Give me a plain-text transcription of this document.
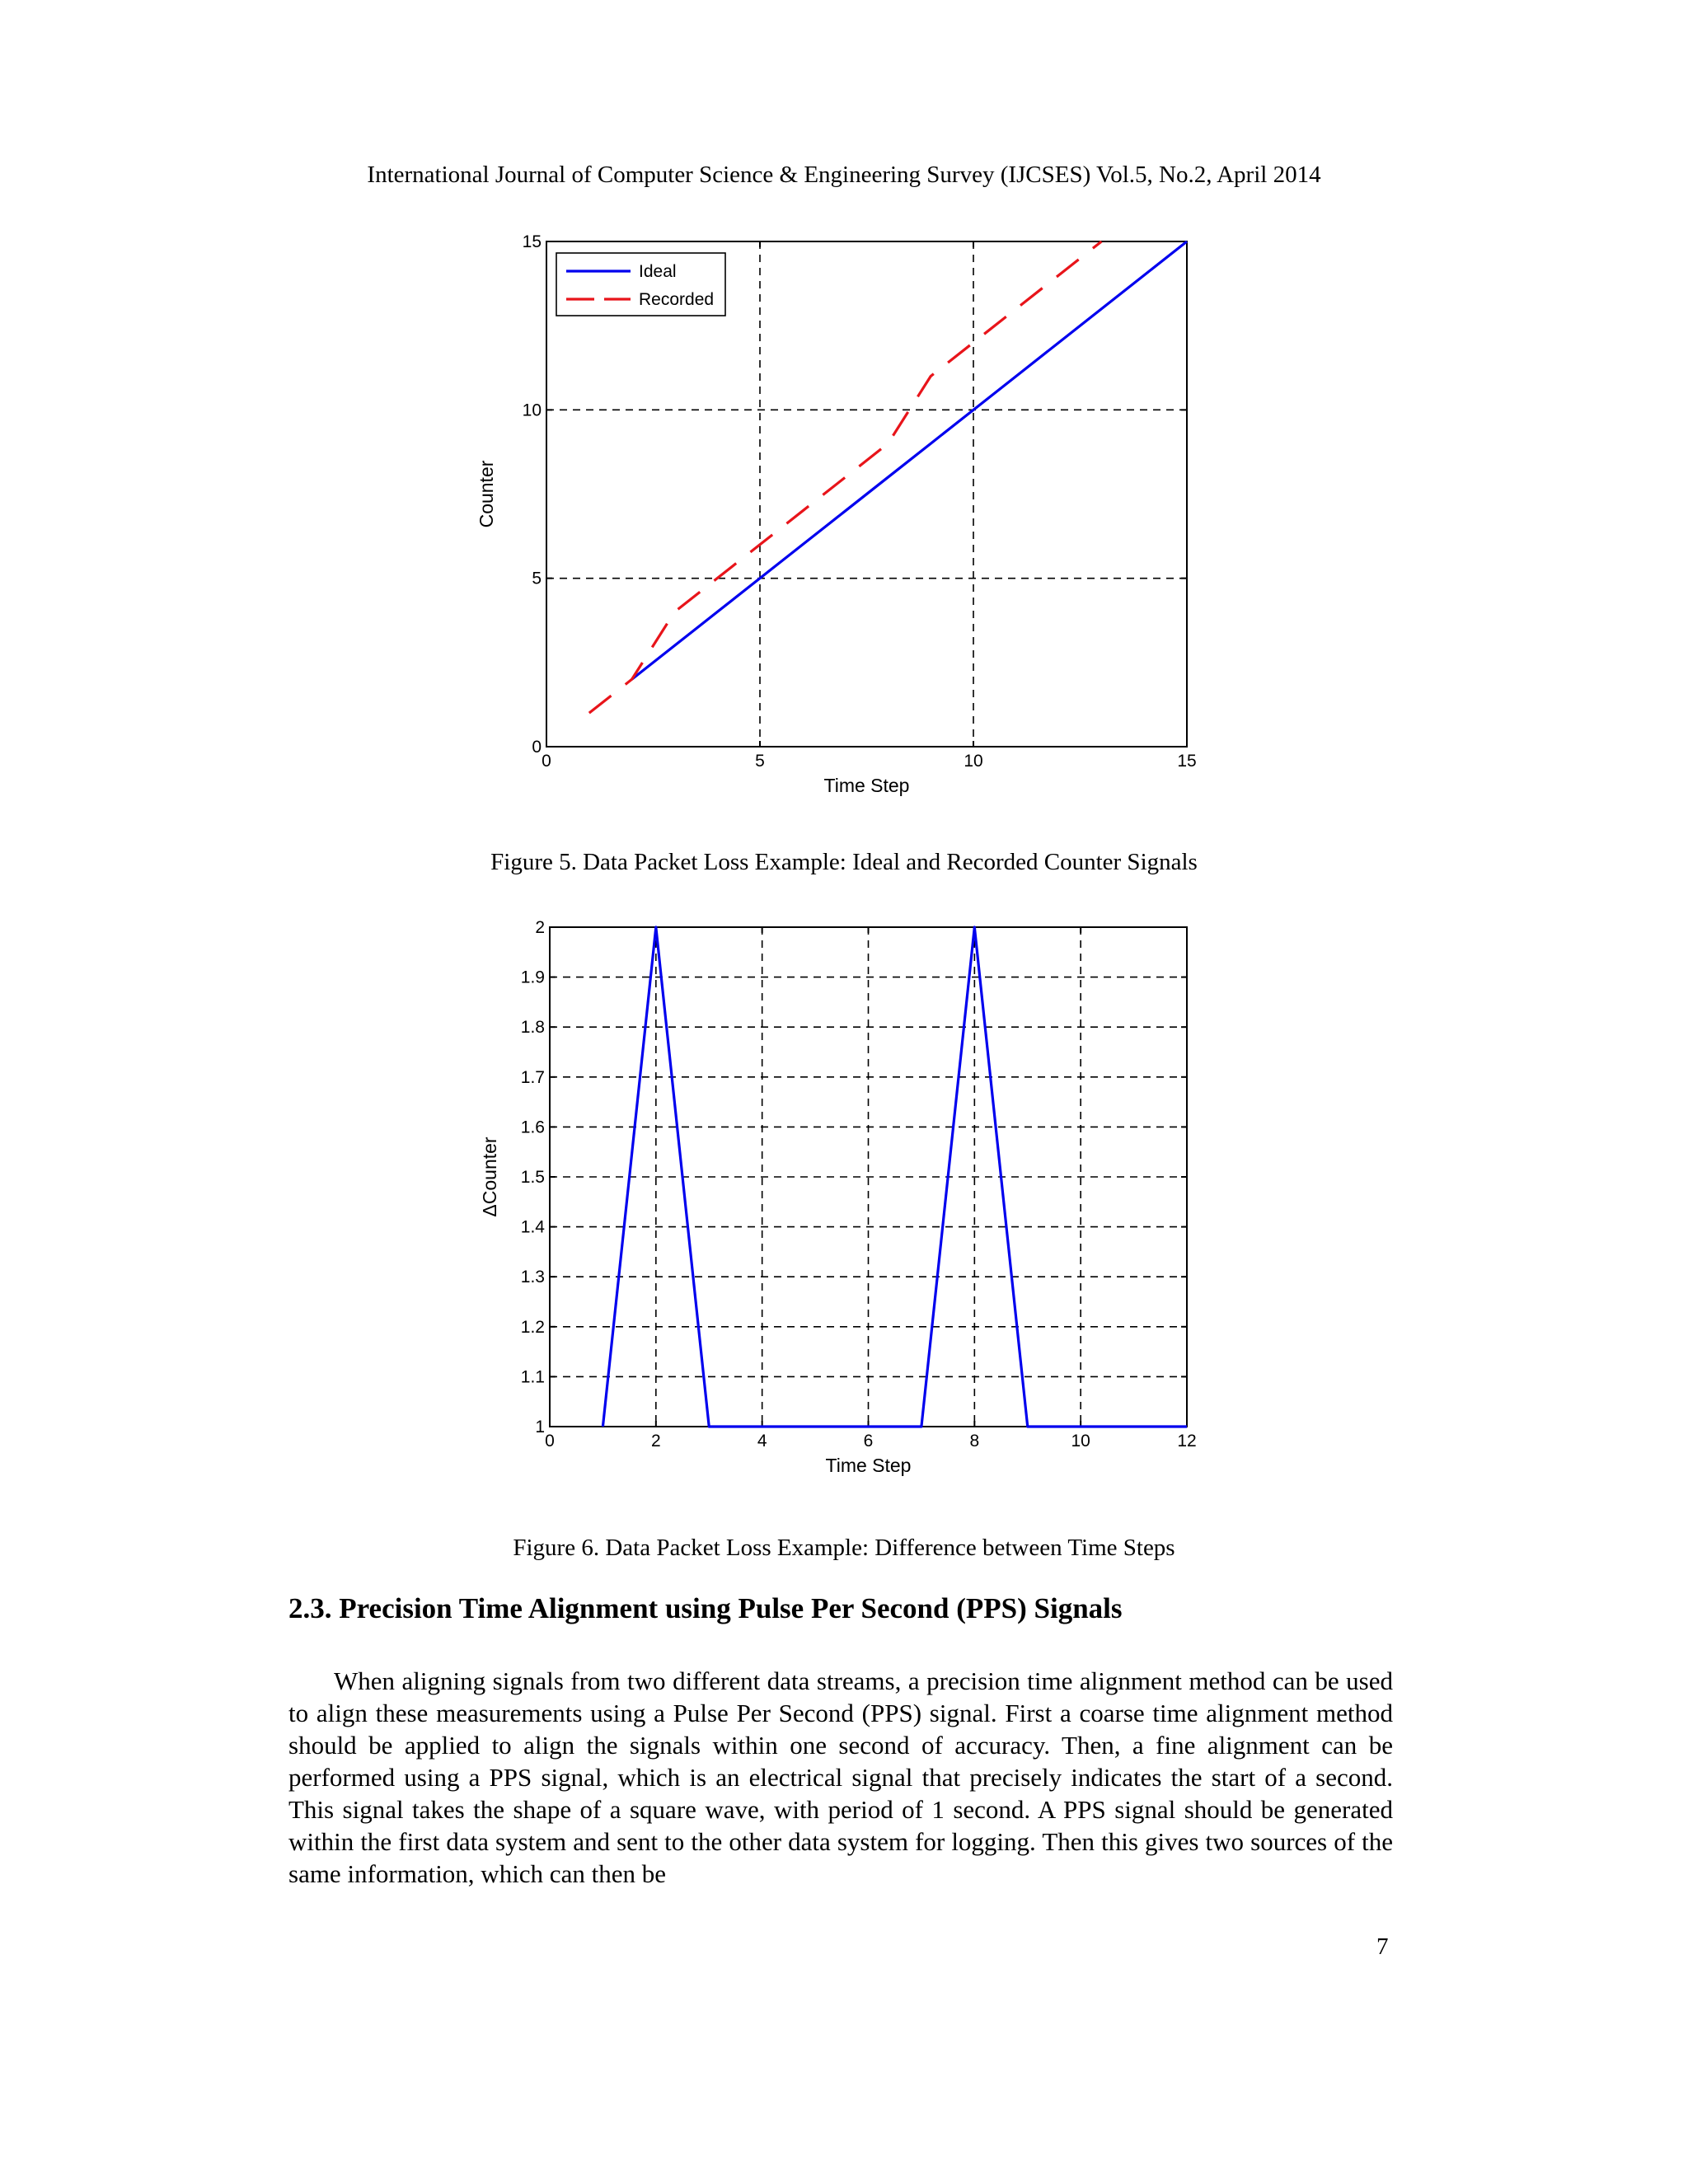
International Journal of Computer Science & Engineering Survey (IJCSES) Vol.5, No.2, April 2014
0	5	10	15
0
5
10
15
Time Step
Counter
Ideal
Recorded
Figure 5. Data Packet Loss Example: Ideal and Recorded Counter Signals
0	2	4	6	8	10	12
1
1.1
1.2
1.3
1.4
1.5
1.6
1.7
1.8
1.9
2
Time Step
ΔCounter
Figure 6. Data Packet Loss Example: Difference between Time Steps
2.3. Precision Time Alignment using Pulse Per Second (PPS) Signals
When aligning signals from two different data streams, a precision time alignment method can be used to align these measurements using a Pulse Per Second (PPS) signal. First a coarse time alignment method should be applied to align the signals within one second of accuracy. Then, a fine alignment can be performed using a PPS signal, which is an electrical signal that precisely indicates the start of a second. This signal takes the shape of a square wave, with period of 1 second. A PPS signal should be generated within the first data system and sent to the other data system for logging. Then this gives two sources of the same information, which can then be
7
